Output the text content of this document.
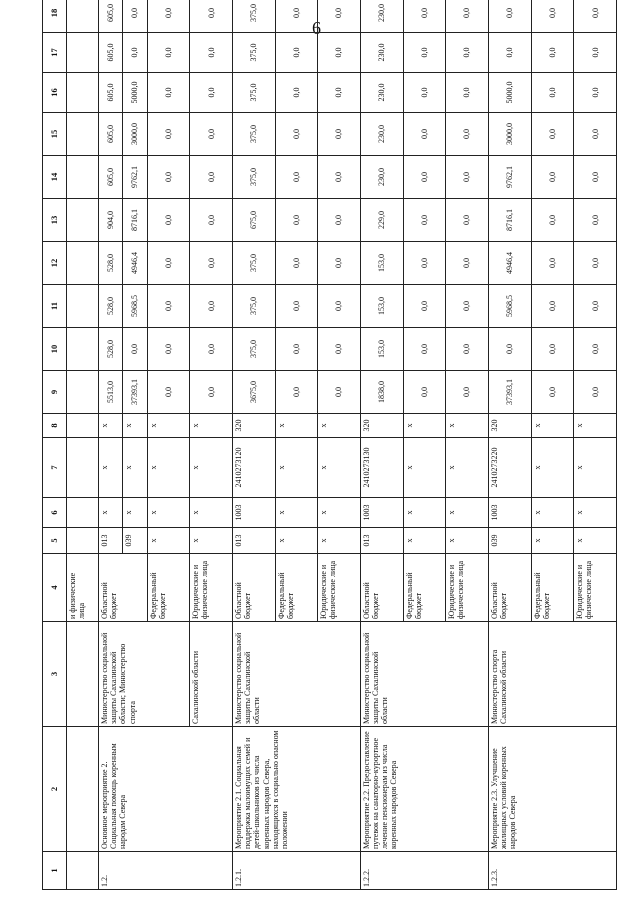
6
1	2	3	4	5	6	7	8	9	10	11	12	13	14	15	16	17	18
			и физические лица														
1.2.	Основное мероприятие 2. Социальная помощь коренным народам Севера	Министерство социальной защиты Сахалинской области; Министерство спорта	Областной бюджет	013	x	x	x	5513,0	528,0	528,0	528,0	904,0	605,0	605,0	605,0	605,0	605,0
				039	x	x	x	37393,1	0,0	5968,5	4946,4	8716,1	9762,1	3000,0	5000,0	0,0	0,0
			Федеральный бюджет	x	x	x	x	0,0	0,0	0,0	0,0	0,0	0,0	0,0	0,0	0,0	0,0
		Сахалинской области	Юридические и физические лица	x	x	x	x	0,0	0,0	0,0	0,0	0,0	0,0	0,0	0,0	0,0	0,0
1.2.1.	Мероприятие 2.1. Социальная поддержка малоимущих семей и детей-школьников из числа коренных народов Севера, находящихся в социально опасном положении	Министерство социальной защиты Сахалинской области	Областной бюджет	013	1003	2410273120	320	3675,0	375,0	375,0	375,0	675,0	375,0	375,0	375,0	375,0	375,0
			Федеральный бюджет	x	x	x	x	0,0	0,0	0,0	0,0	0,0	0,0	0,0	0,0	0,0	0,0
			Юридические и физические лица	x	x	x	x	0,0	0,0	0,0	0,0	0,0	0,0	0,0	0,0	0,0	0,0
1.2.2.	Мероприятие 2.2. Предоставление путевок на санаторно-курортное лечение пенсионерам из числа коренных народов Севера	Министерство социальной защиты Сахалинской области	Областной бюджет	013	1003	2410273130	320	1838,0	153,0	153,0	153,0	229,0	230,0	230,0	230,0	230,0	230,0
			Федеральный бюджет	x	x	x	x	0,0	0,0	0,0	0,0	0,0	0,0	0,0	0,0	0,0	0,0
			Юридические и физические лица	x	x	x	x	0,0	0,0	0,0	0,0	0,0	0,0	0,0	0,0	0,0	0,0
1.2.3.	Мероприятие 2.3. Улучшение жилищных условий коренных народов Севера	Министерство спорта Сахалинской области	Областной бюджет	039	1003	2410273220	320	37393,1	0,0	5968,5	4946,4	8716,1	9762,1	3000,0	5000,0	0,0	0,0
			Федеральный бюджет	x	x	x	x	0,0	0,0	0,0	0,0	0,0	0,0	0,0	0,0	0,0	0,0
			Юридические и физические лица	x	x	x	x	0,0	0,0	0,0	0,0	0,0	0,0	0,0	0,0	0,0	0,0
